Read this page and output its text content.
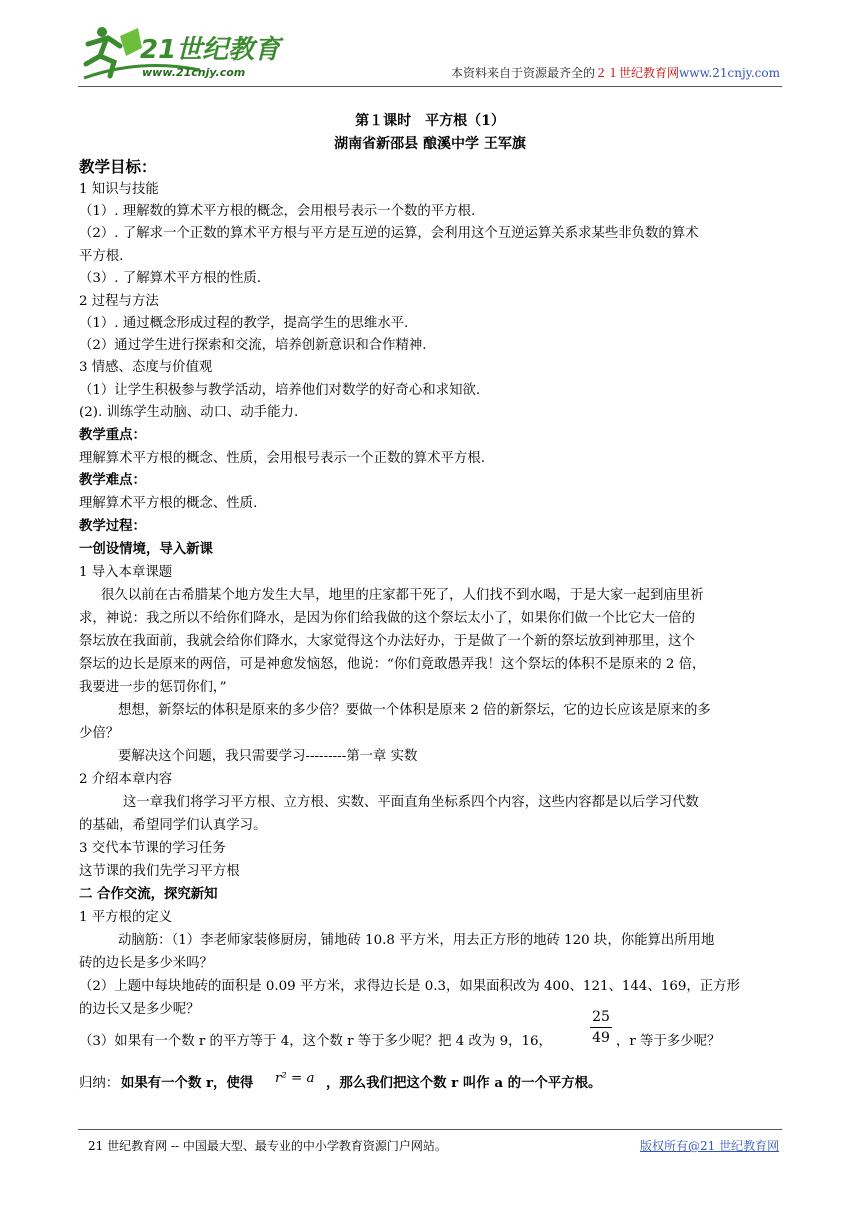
21世纪教育
www.21cnjy.com	本资料来自于资源最齐全的２１世纪教育网www.21cnjy.com
第１课时　平方根（1）
湖南省新邵县 酿溪中学 王军旗
教学目标：
1 知识与技能
（1）. 理解数的算术平方根的概念，会用根号表示一个数的平方根.
（2）. 了解求一个正数的算术平方根与平方是互逆的运算，会利用这个互逆运算关系求某些非负数的算术
平方根.
（3）. 了解算术平方根的性质.
2 过程与方法
（1）. 通过概念形成过程的教学，提高学生的思维水平.
（2）通过学生进行探索和交流，培养创新意识和合作精神.
3 情感、态度与价值观
（1）让学生积极参与教学活动，培养他们对数学的好奇心和求知欲.
(2). 训练学生动脑、动口、动手能力.
教学重点：
理解算术平方根的概念、性质，会用根号表示一个正数的算术平方根.
教学难点：
理解算术平方根的概念、性质.
教学过程：
一创设情境，导入新课
1 导入本章课题
很久以前在古希腊某个地方发生大旱，地里的庄家都干死了，人们找不到水喝，于是大家一起到庙里祈
求，神说：我之所以不给你们降水，是因为你们给我做的这个祭坛太小了，如果你们做一个比它大一倍的
祭坛放在我面前，我就会给你们降水，大家觉得这个办法好办，于是做了一个新的祭坛放到神那里，这个
祭坛的边长是原来的两倍，可是神愈发恼怒，他说：“你们竟敢愚弄我！这个祭坛的体积不是原来的 2 倍，
我要进一步的惩罚你们，”
想想，新祭坛的体积是原来的多少倍？要做一个体积是原来 2 倍的新祭坛，它的边长应该是原来的多
少倍？
要解决这个问题，我只需要学习---------第一章 实数
2 介绍本章内容
这一章我们将学习平方根、立方根、实数、平面直角坐标系四个内容，这些内容都是以后学习代数
的基础，希望同学们认真学习。
3 交代本节课的学习任务
这节课的我们先学习平方根
二 合作交流，探究新知
1 平方根的定义
动脑筋：（1）李老师家装修厨房，铺地砖 10.8 平方米，用去正方形的地砖 120 块，你能算出所用地
砖的边长是多少米吗？
（2）上题中每块地砖的面积是 0.09 平方米，求得边长是 0.3，如果面积改为 400、121、144、169，正方形
的边长又是多少呢？
（3）如果有一个数 r 的平方等于 4，这个数 r 等于多少呢？把 4 改为 9，16，
25
49 ，r 等于多少呢？
归纳： 如果有一个数 r，使得 r² = a ，那么我们把这个数 r 叫作 a 的一个平方根。
21 世纪教育网 -- 中国最大型、最专业的中小学教育资源门户网站。	版权所有@21 世纪教育网
